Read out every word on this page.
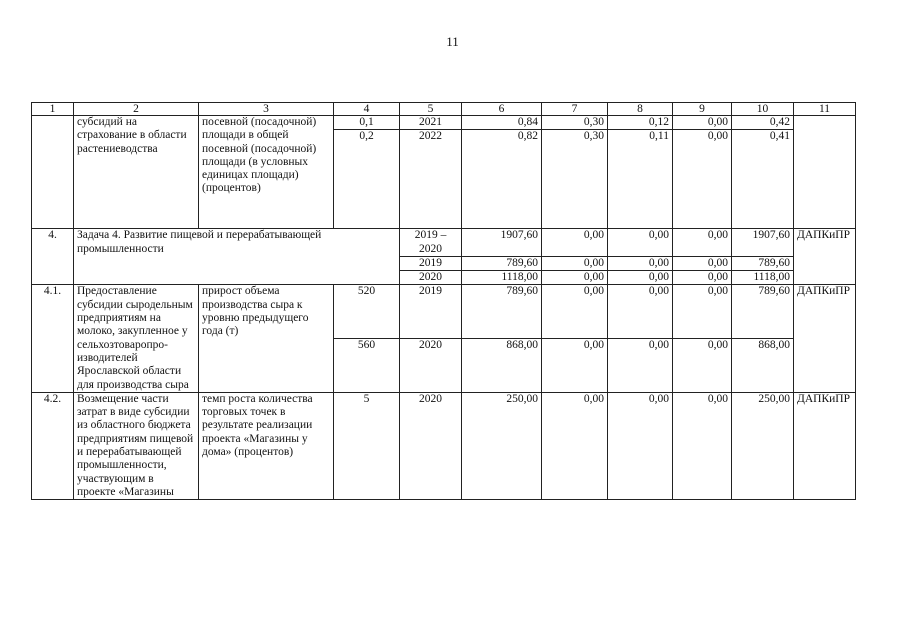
11
1	2	3	4	5	6	7	8	9	10	11
	субсидий на страхование в области растениеводства	посевной (посадочной) площади в общей посевной (посадочной) площади (в условных единицах площади) (процентов)	0,1	2021	0,84	0,30	0,12	0,00	0,42	
			0,2	2022	0,82	0,30	0,11	0,00	0,41	
4.	Задача 4. Развитие пищевой и перерабатывающей промышленности			2019 – 2020	1907,60	0,00	0,00	0,00	1907,60	ДАПКиПР
				2019	789,60	0,00	0,00	0,00	789,60	
				2020	1118,00	0,00	0,00	0,00	1118,00	
4.1.	Предоставление субсидии сыродельным предприятиям на молоко, закупленное у сельхозтоваропро-изводителей Ярославской области для производства сыра	прирост объема производства сыра к уровню предыдущего года (т)	520	2019	789,60	0,00	0,00	0,00	789,60	ДАПКиПР
			560	2020	868,00	0,00	0,00	0,00	868,00	
4.2.	Возмещение части затрат в виде субсидии из областного бюджета предприятиям пищевой и перерабатывающей промышленности, участвующим в проекте «Магазины	темп роста количества торговых точек в результате реализации проекта «Магазины у дома» (процентов)	5	2020	250,00	0,00	0,00	0,00	250,00	ДАПКиПР
